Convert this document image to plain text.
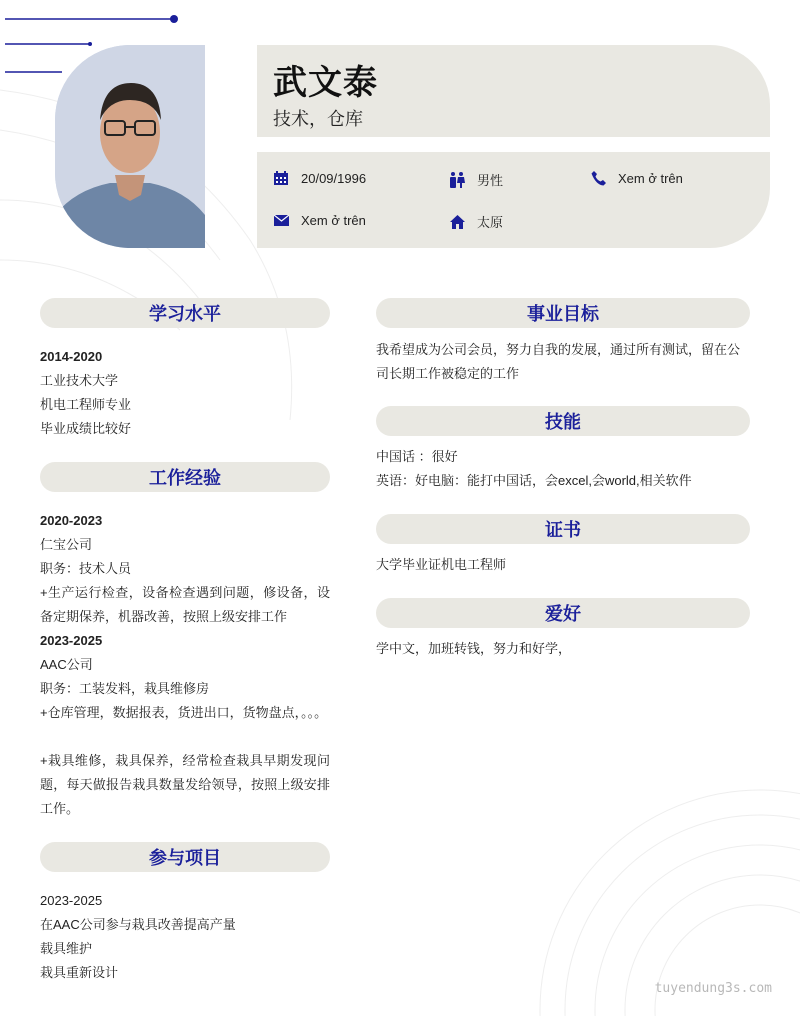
武文泰
技术，仓库
20/09/1996	男性	Xem ở trên
Xem ở trên	太原
学习水平
2014-2020
工业技术大学
机电工程师专业
毕业成绩比较好
工作经验
2020-2023
仁宝公司
职务：技术人员
+生产运行检查，设备检查遇到问题，修设备，设备定期保养，机器改善，按照上级安排工作
2023-2025
AAC公司
职务：工装发料，栽具维修房
+仓库管理，数据报表，货进出口，货物盘点，。。。
+栽具维修，栽具保养，经常检查栽具早期发现问题，每天做报告栽具数量发给领导，按照上级安排工作。
参与项目
2023-2025
在AAC公司参与栽具改善提高产量
载具维护
栽具重新设计
事业目标
我希望成为公司会员，努力自我的发展，通过所有测试，留在公司长期工作被稳定的工作
技能
中国话 ：很好
英语：好电脑：能打中国话，会excel,会world,相关软件
证书
大学毕业证机电工程师
爱好
学中文，加班转钱，努力和好学，
tuyendung3s.com
